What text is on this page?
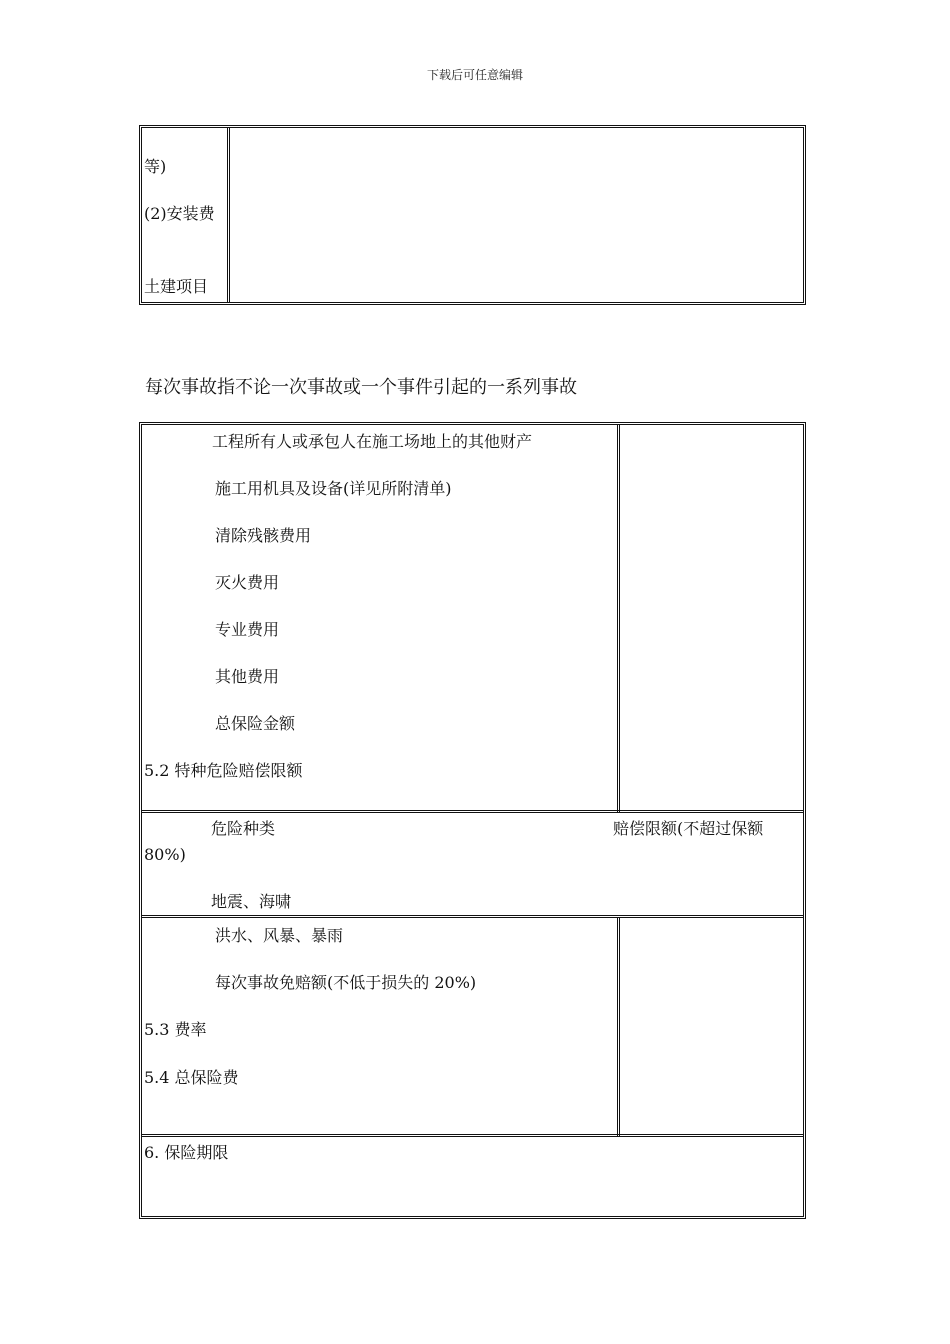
下载后可任意编辑
等)
(2)安装费
土建项目
每次事故指不论一次事故或一个事件引起的一系列事故
工程所有人或承包人在施工场地上的其他财产
施工用机具及设备(详见所附清单)
清除残骸费用
灭火费用
专业费用
其他费用
总保险金额
5.2 特种危险赔偿限额
危险种类	赔偿限额(不超过保额
80%)
地震、海啸
洪水、风暴、暴雨
每次事故免赔额(不低于损失的 20%)
5.3 费率
5.4 总保险费
6. 保险期限
